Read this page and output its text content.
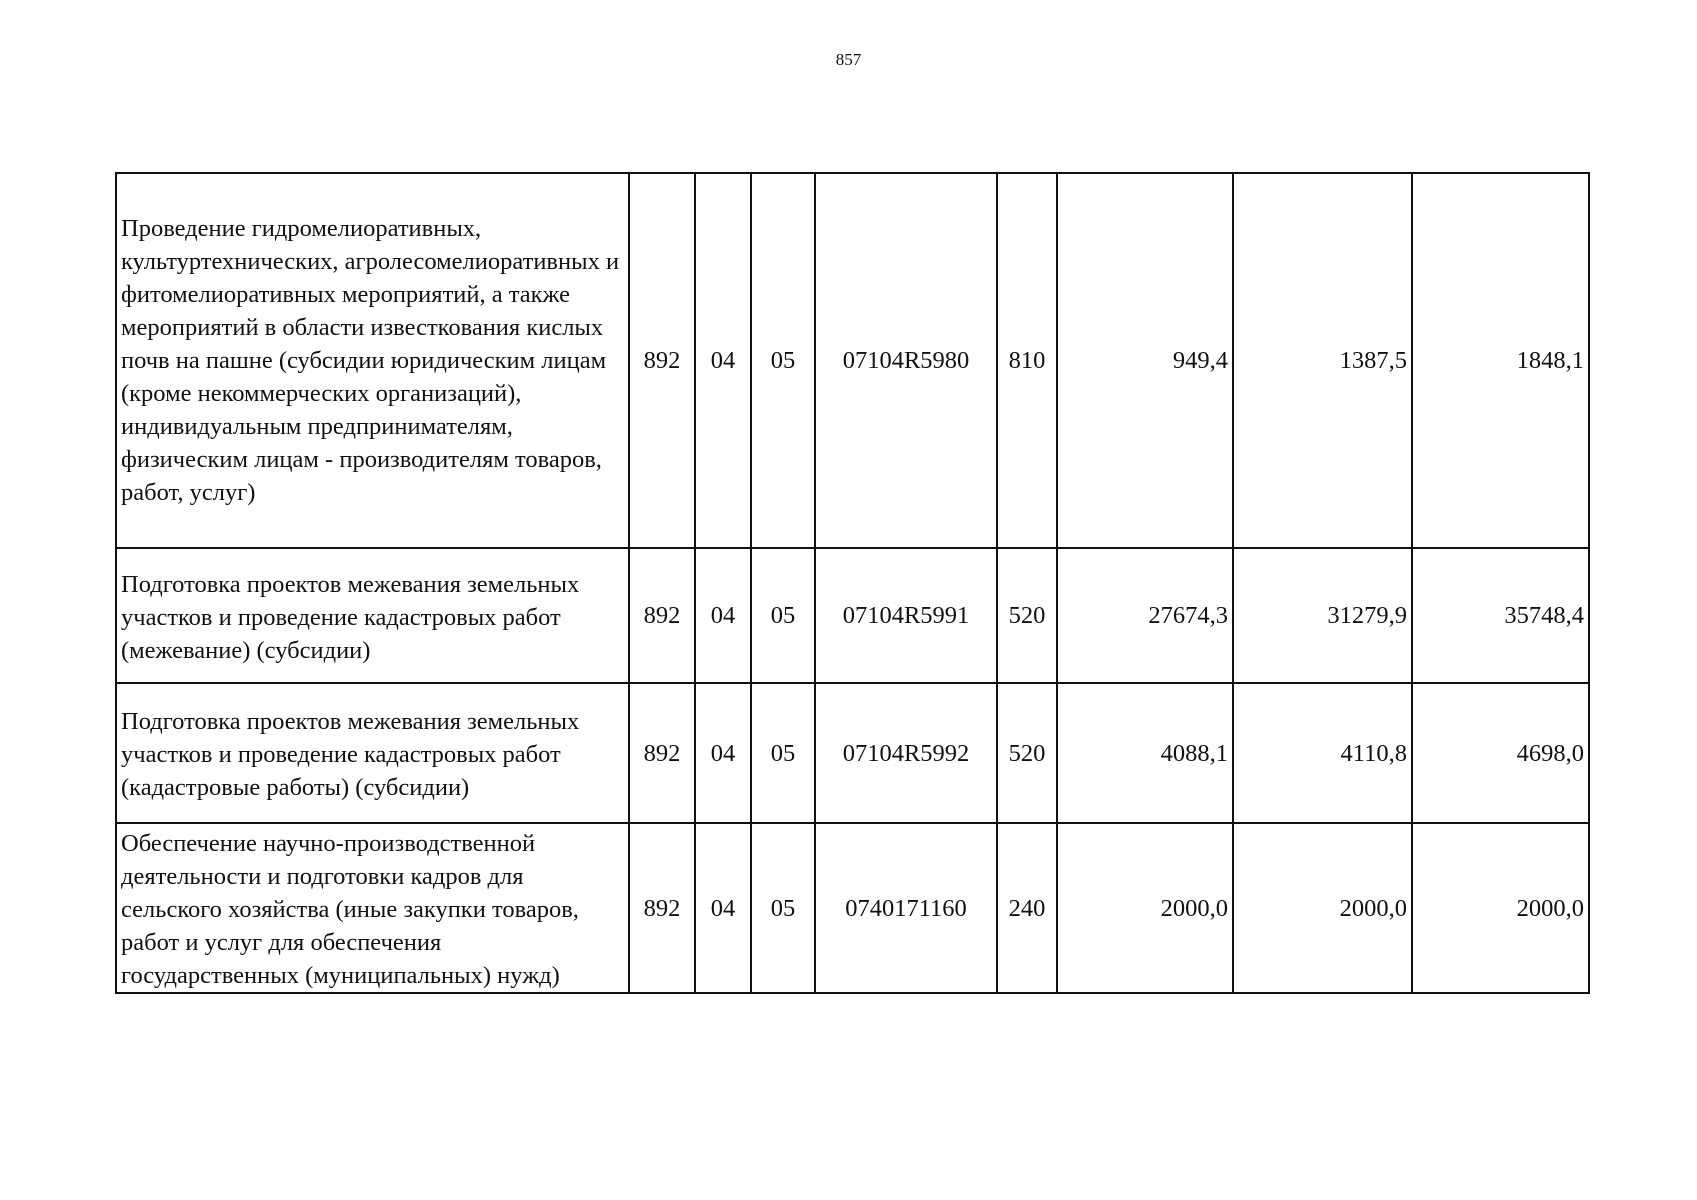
857
Проведение гидромелиоративных, культуртехнических, агролесомелиоративных и фитомелиоративных мероприятий, а также мероприятий в области известкования кислых почв на пашне (субсидии юридическим лицам (кроме некоммерческих организаций), индивидуальным предпринимателям, физическим лицам - производителям товаров, работ, услуг)	892	04	05	07104R5980	810	949,4	1387,5	1848,1
Подготовка проектов межевания земельных участков и проведение кадастровых работ (межевание) (субсидии)	892	04	05	07104R5991	520	27674,3	31279,9	35748,4
Подготовка проектов межевания земельных участков и проведение кадастровых работ (кадастровые работы) (субсидии)	892	04	05	07104R5992	520	4088,1	4110,8	4698,0
Обеспечение научно-производственной деятельности и подготовки кадров для сельского хозяйства (иные закупки товаров, работ и услуг для обеспечения государственных (муниципальных) нужд)	892	04	05	0740171160	240	2000,0	2000,0	2000,0
